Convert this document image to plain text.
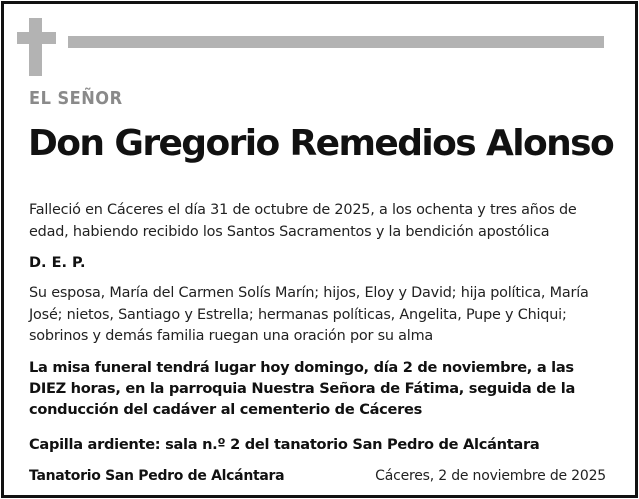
EL SEÑOR
Don Gregorio Remedios Alonso
Falleció en Cáceres el día 31 de octubre de 2025, a los ochenta y tres años de edad, habiendo recibido los Santos Sacramentos y la bendición apostólica
D. E. P.
Su esposa, María del Carmen Solís Marín; hijos, Eloy y David; hija política, María José; nietos, Santiago y Estrella; hermanas políticas, Angelita, Pupe y Chiqui; sobrinos y demás familia ruegan una oración por su alma
La misa funeral tendrá lugar hoy domingo, día 2 de noviembre, a las DIEZ horas, en la parroquia Nuestra Señora de Fátima, seguida de la conducción del cadáver al cementerio de Cáceres
Capilla ardiente: sala n.º 2 del tanatorio San Pedro de Alcántara
Tanatorio San Pedro de Alcántara	Cáceres, 2 de noviembre de 2025
